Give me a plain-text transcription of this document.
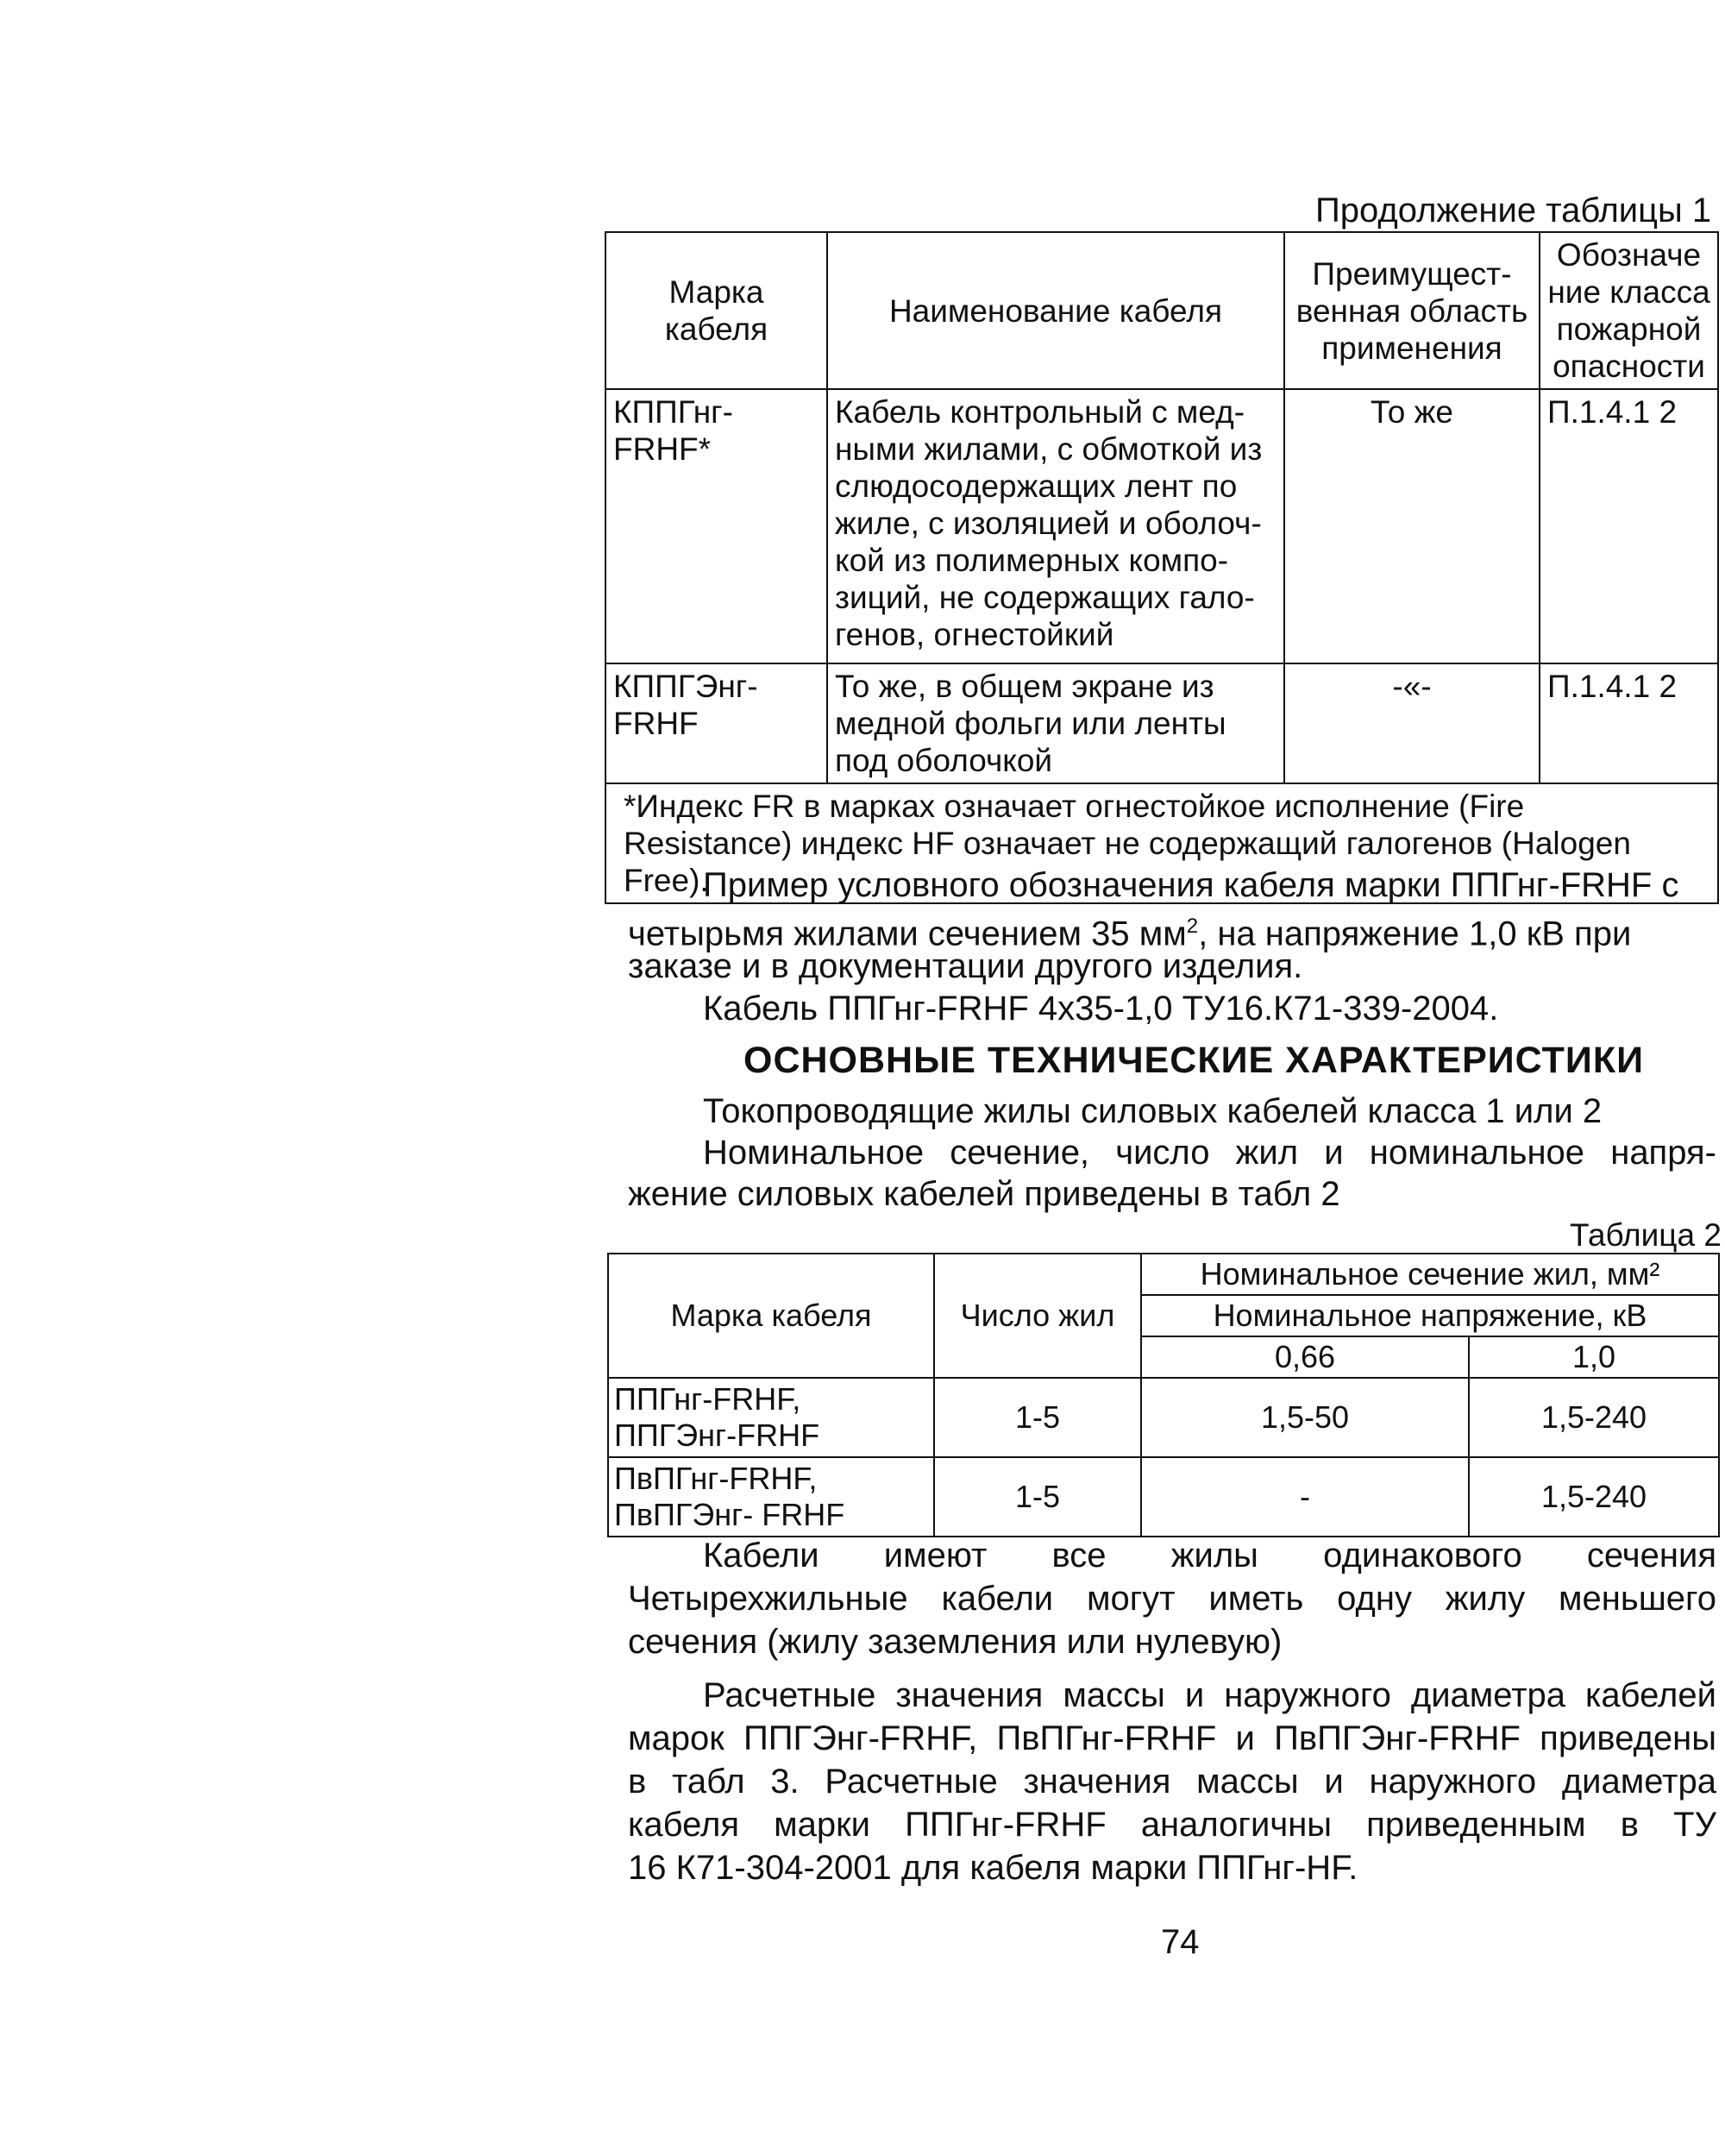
Продолжение таблицы 1
Марка кабеля	Наименование кабеля	Преимущест-венная область применения	Обозначе ние класса пожарной опасности
КППГнг-FRHF*	Кабель контрольный с мед-ными жилами, с обмоткой из слюдосодержащих лент по жиле, с изоляцией и оболоч-кой из полимерных компо-зиций, не содержащих гало-генов, огнестойкий	То же	П.1.4.1 2
КППГЭнг-FRHF	То же, в общем экране из медной фольги или ленты под оболочкой	-«-	П.1.4.1 2
*Индекс FR в марках означает огнестойкое исполнение (Fire Resistance) индекс HF означает не содержащий галогенов (Halogen Free).			
Пример условного обозначения кабеля марки ППГнг-FRHF с
четырьмя жилами сечением 35 $мм^2$, на напряжение 1,0 кВ при
заказе и в документации другого изделия.
Кабель ППГнг-FRHF 4х35-1,0 ТУ16.К71-339-2004.
ОСНОВНЫЕ ТЕХНИЧЕСКИЕ ХАРАКТЕРИСТИКИ
Токопроводящие жилы силовых кабелей класса 1 или 2
Номинальное сечение, число жил и номинальное напря-
жение силовых кабелей приведены в табл 2
Таблица 2
Марка кабеля	Число жил	Номинальное сечение жил, мм²	
		Номинальное напряжение, кВ	
		0,66	1,0
ППГнг-FRHF, ППГЭнг-FRHF	1-5	1,5-50	1,5-240
ПвПГнг-FRHF, ПвПГЭнг- FRHF	1-5	-	1,5-240
Кабели имеют все жилы одинакового сечения
Четырехжильные кабели могут иметь одну жилу меньшего
сечения (жилу заземления или нулевую)
Расчетные значения массы и наружного диаметра кабелей
марок ППГЭнг-FRHF, ПвПГнг-FRHF и ПвПГЭнг-FRHF приведены
в табл 3. Расчетные значения массы и наружного диаметра
кабеля марки ППГнг-FRHF аналогичны приведенным в ТУ
16 К71-304-2001 для кабеля марки ППГнг-HF.
74
